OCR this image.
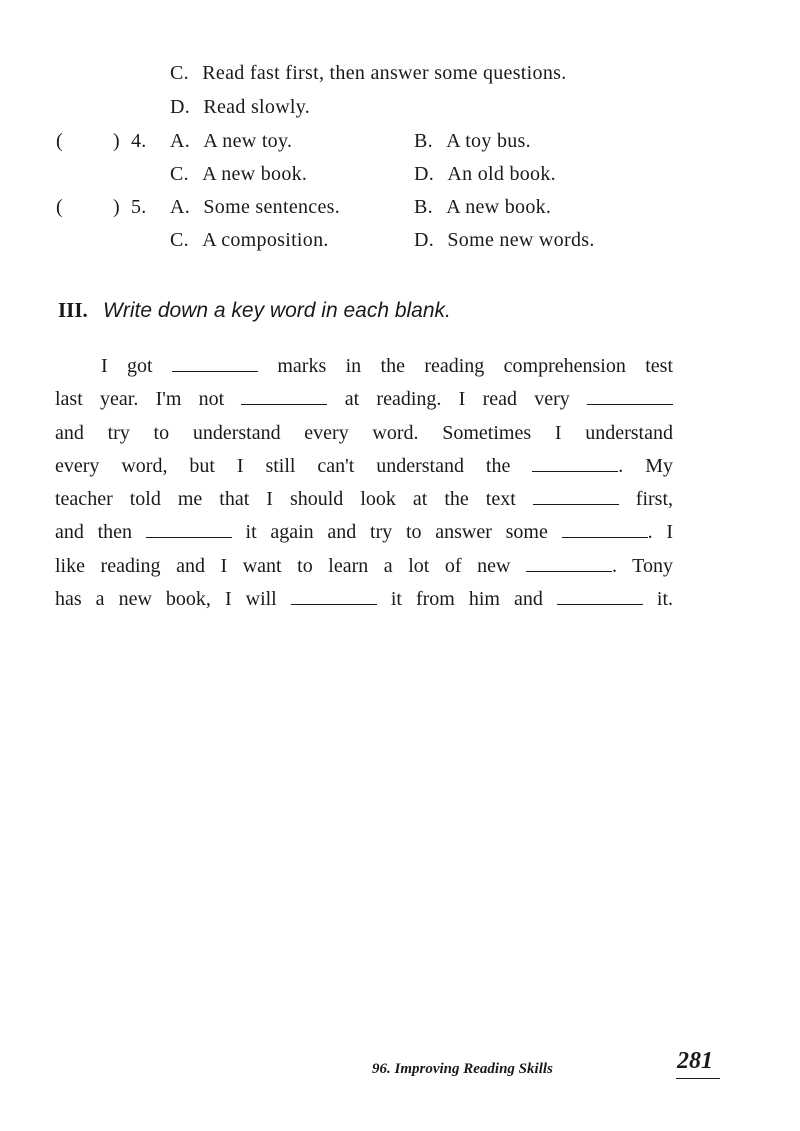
C. Read fast first, then answer some questions.
D. Read slowly.
(	) 4. A. A new toy.	B. A toy bus.
C. A new book.	D. An old book.
(	) 5. A. Some sentences.	B. A new book.
C. A composition.	D. Some new words.
III. Write down a key word in each blank.
I got	marks in the reading comprehension test
last year. I'm not	at reading. I read very
and try to understand every word. Sometimes I understand
every word, but I still can't understand the	. My
teacher told me that I should look at the text	first,
and then	it again and try to answer some	. I
like reading and I want to learn a lot of new	. Tony
has a new book, I will	it from him and	it.
96. Improving Reading Skills	281
